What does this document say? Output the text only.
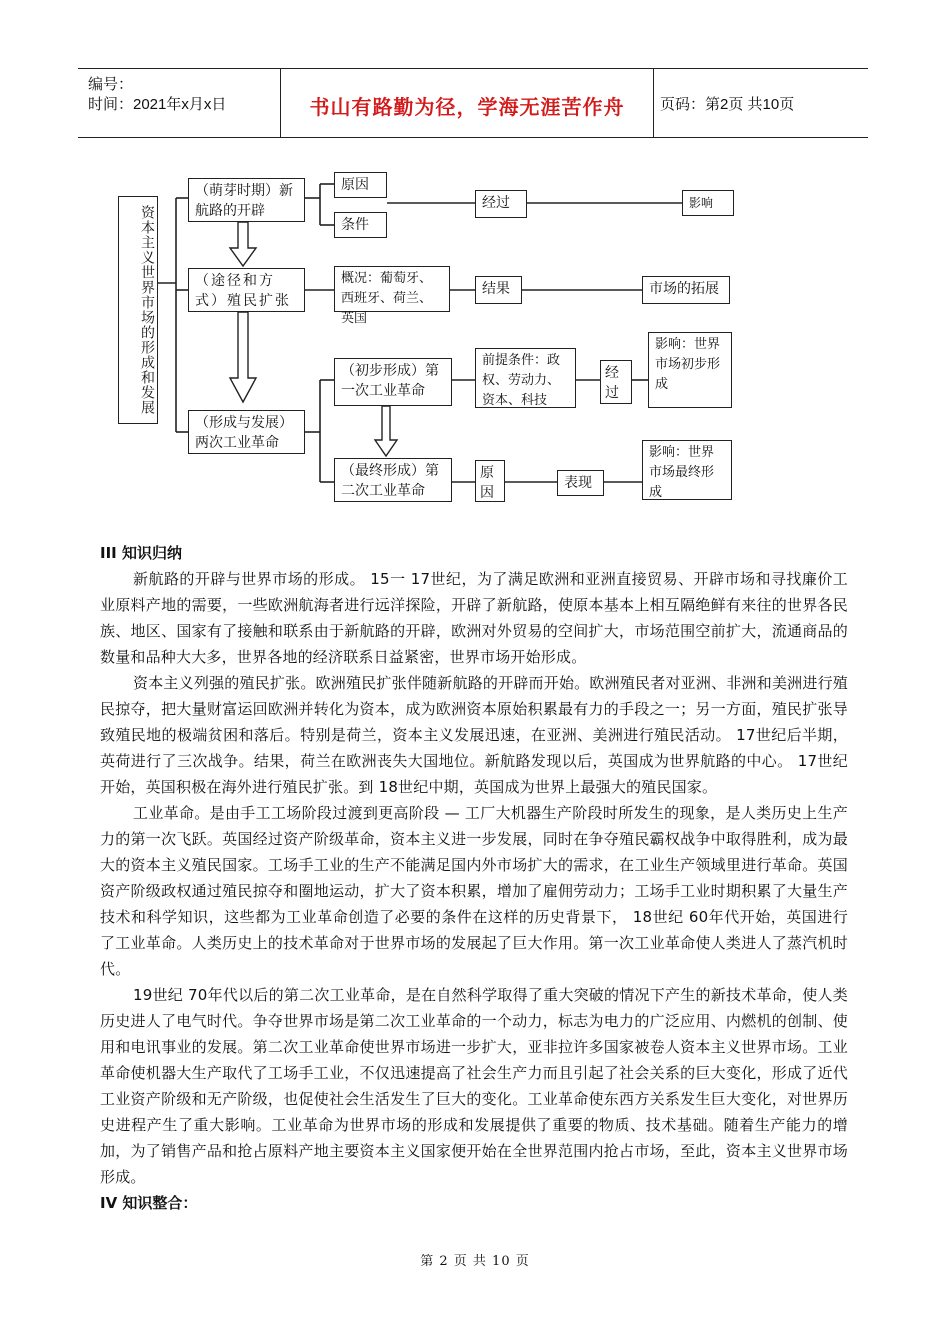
编号：
时间：2021年x月x日	书山有路勤为径，学海无涯苦作舟	页码：第2页 共10页
资本主义世界市场的形成和发展
（萌芽时期）新航路的开辟
（途径和方式）殖民扩张
（形成与发展）两次工业革命
原因
条件
经过	影响
概况：葡萄牙、西班牙、荷兰、英国
结果	市场的拓展
（初步形成）第一次工业革命
前提条件：政权、劳动力、资本、科技
经过
影响：世界市场初步形成
（最终形成）第二次工业革命
原因
表现
影响：世界市场最终形成
III 知识归纳

新航路的开辟与世界市场的形成。 15一 17世纪，为了满足欧洲和亚洲直接贸易、开辟市场和寻找廉价工业原料产地的需要，一些欧洲航海者进行远洋探险，开辟了新航路，使原本基本上相互隔绝鲜有来往的世界各民族、地区、国家有了接触和联系由于新航路的开辟，欧洲对外贸易的空间扩大，市场范围空前扩大，流通商品的数量和品种大大多，世界各地的经济联系日益紧密，世界市场开始形成。

资本主义列强的殖民扩张。欧洲殖民扩张伴随新航路的开辟而开始。欧洲殖民者对亚洲、非洲和美洲进行殖民掠夺，把大量财富运回欧洲并转化为资本，成为欧洲资本原始积累最有力的手段之一；另一方面，殖民扩张导致殖民地的极端贫困和落后。特别是荷兰，资本主义发展迅速，在亚洲、美洲进行殖民活动。 17世纪后半期，英荷进行了三次战争。结果，荷兰在欧洲丧失大国地位。新航路发现以后，英国成为世界航路的中心。 17世纪开始，英国积极在海外进行殖民扩张。到 18世纪中期，英国成为世界上最强大的殖民国家。

工业革命。是由手工工场阶段过渡到更高阶段 — 工厂大机器生产阶段时所发生的现象，是人类历史上生产力的第一次飞跃。英国经过资产阶级革命，资本主义进一步发展，同时在争夺殖民霸权战争中取得胜利，成为最大的资本主义殖民国家。工场手工业的生产不能满足国内外市场扩大的需求，在工业生产领域里进行革命。英国资产阶级政权通过殖民掠夺和圈地运动，扩大了资本积累，增加了雇佣劳动力；工场手工业时期积累了大量生产技术和科学知识，这些都为工业革命创造了必要的条件在这样的历史背景下， 18世纪 60年代开始，英国进行了工业革命。人类历史上的技术革命对于世界市场的发展起了巨大作用。第一次工业革命使人类进人了蒸汽机时代。

19世纪 70年代以后的第二次工业革命，是在自然科学取得了重大突破的情况下产生的新技术革命，使人类历史进人了电气时代。争夺世界市场是第二次工业革命的一个动力，标志为电力的广泛应用、内燃机的创制、使用和电讯事业的发展。第二次工业革命使世界市场进一步扩大，亚非拉许多国家被卷人资本主义世界市场。工业革命使机器大生产取代了工场手工业，不仅迅速提高了社会生产力而且引起了社会关系的巨大变化，形成了近代工业资产阶级和无产阶级，也促使社会生活发生了巨大的变化。工业革命使东西方关系发生巨大变化，对世界历史进程产生了重大影响。工业革命为世界市场的形成和发展提供了重要的物质、技术基础。随着生产能力的增加，为了销售产品和抢占原料产地主要资本主义国家便开始在全世界范围内抢占市场，至此，资本主义世界市场形成。

IV 知识整合：
第 2 页 共 10 页
